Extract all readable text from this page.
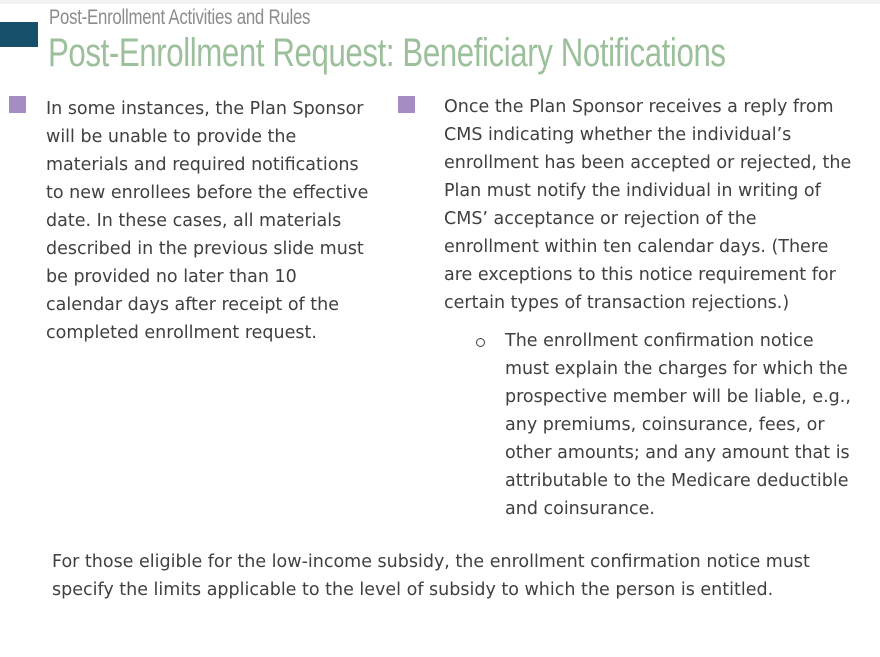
Post-Enrollment Activities and Rules
Post-Enrollment Request: Beneficiary Notifications
In some instances, the Plan Sponsor
will be unable to provide the
materials and required notifications
to new enrollees before the effective
date. In these cases, all materials
described in the previous slide must
be provided no later than 10
calendar days after receipt of the
completed enrollment request.
Once the Plan Sponsor receives a reply from
CMS indicating whether the individual’s
enrollment has been accepted or rejected, the
Plan must notify the individual in writing of
CMS’ acceptance or rejection of the
enrollment within ten calendar days. (There
are exceptions to this notice requirement for
certain types of transaction rejections.)
The enrollment confirmation notice
must explain the charges for which the
prospective member will be liable, e.g.,
any premiums, coinsurance, fees, or
other amounts; and any amount that is
attributable to the Medicare deductible
and coinsurance.
For those eligible for the low-income subsidy, the enrollment confirmation notice must
specify the limits applicable to the level of subsidy to which the person is entitled.
